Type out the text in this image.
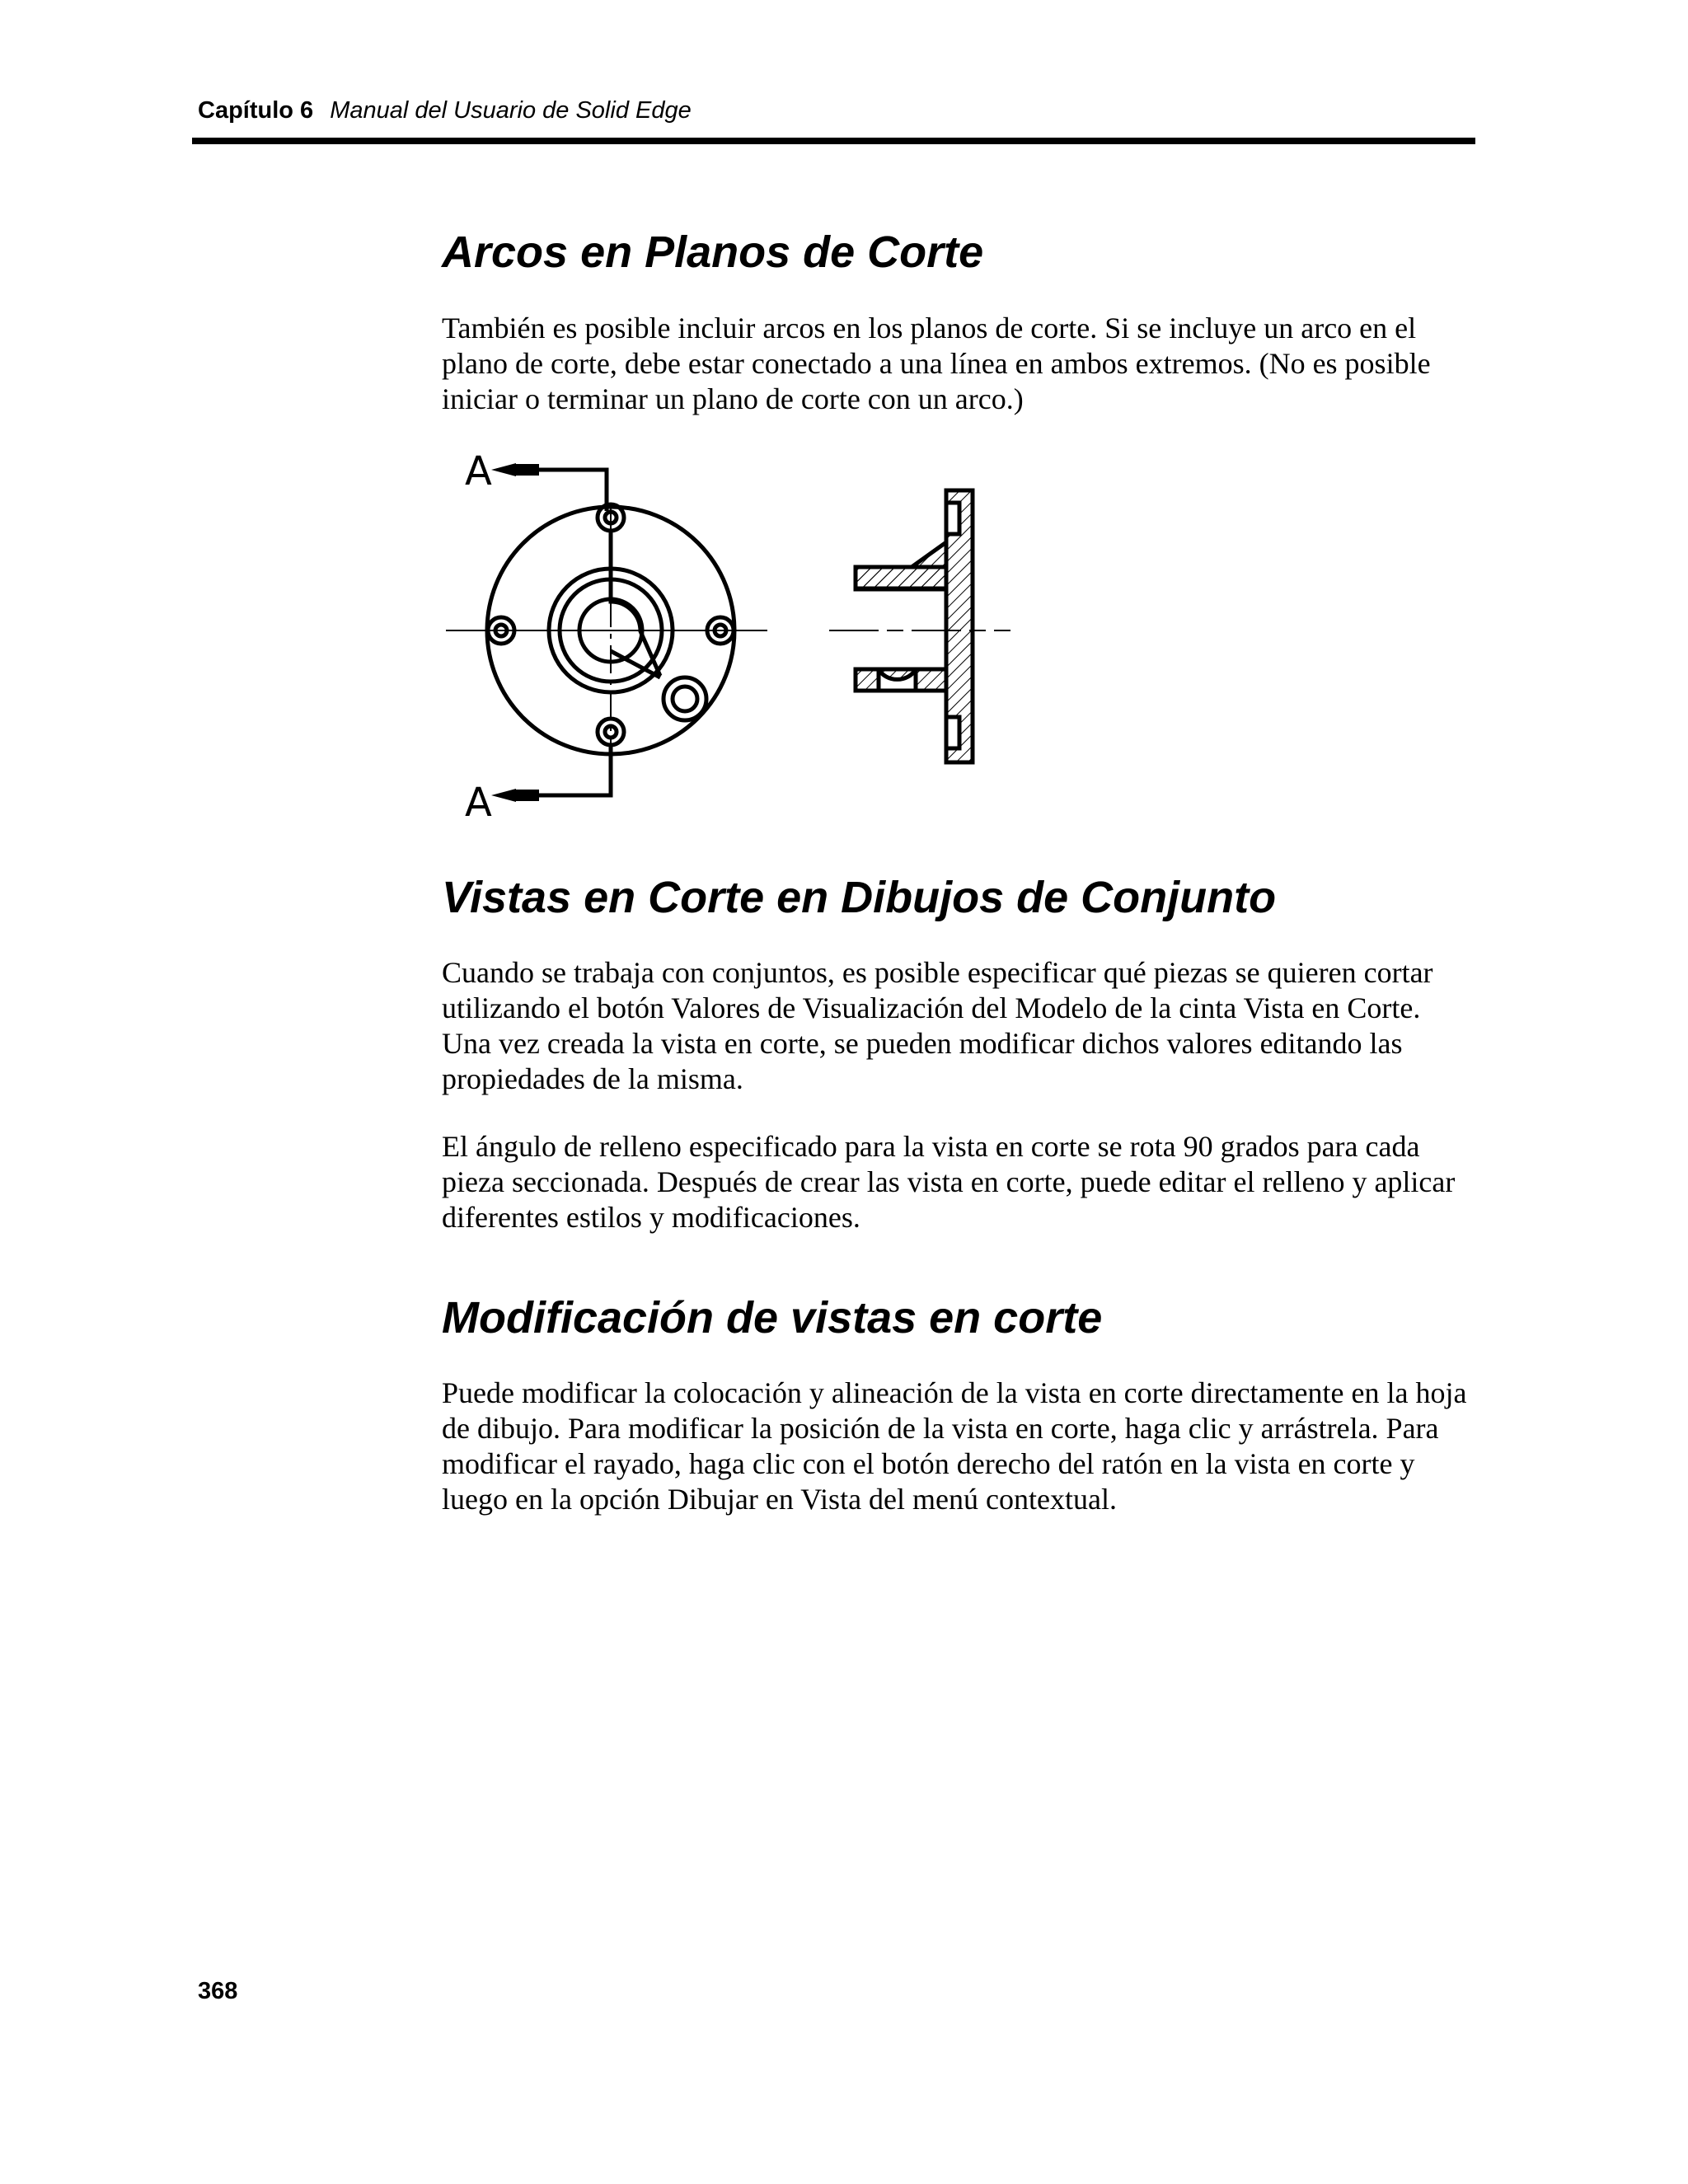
Capítulo 6 Manual del Usuario de Solid Edge
Arcos en Planos de Corte

También es posible incluir arcos en los planos de corte. Si se incluye un arco en el plano de corte, debe estar conectado a una línea en ambos extremos. (No es posible iniciar o terminar un plano de corte con un arco.)

Vistas en Corte en Dibujos de Conjunto

Cuando se trabaja con conjuntos, es posible especificar qué piezas se quieren cortar utilizando el botón Valores de Visualización del Modelo de la cinta Vista en Corte. Una vez creada la vista en corte, se pueden modificar dichos valores editando las propiedades de la misma.

El ángulo de relleno especificado para la vista en corte se rota 90 grados para cada pieza seccionada. Después de crear las vista en corte, puede editar el relleno y aplicar diferentes estilos y modificaciones.

Modificación de vistas en corte

Puede modificar la colocación y alineación de la vista en corte directamente en la hoja de dibujo. Para modificar la posición de la vista en corte, haga clic y arrástrela. Para modificar el rayado, haga clic con el botón derecho del ratón en la vista en corte y luego en la opción Dibujar en Vista del menú contextual.

A
A
368
